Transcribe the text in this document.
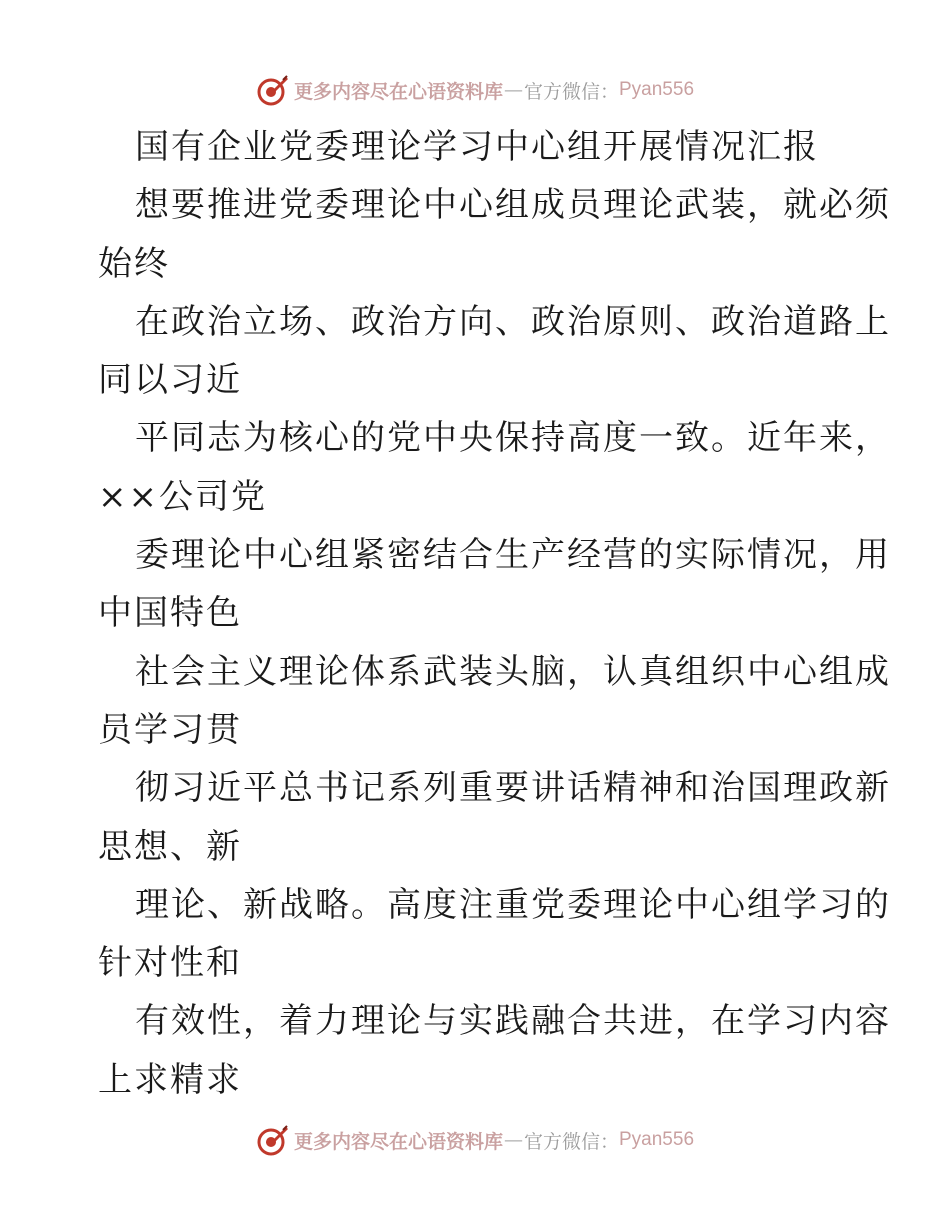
更多内容尽在心语资料库 — 官方微信： Pyan556
国有企业党委理论学习中心组开展情况汇报
想要推进党委理论中心组成员理论武装，就必须
始终
在政治立场、政治方向、政治原则、政治道路上
同以习近
平同志为核心的党中央保持高度一致。近年来，
××公司党
委理论中心组紧密结合生产经营的实际情况，用
中国特色
社会主义理论体系武装头脑，认真组织中心组成
员学习贯
彻习近平总书记系列重要讲话精神和治国理政新
思想、新
理论、新战略。高度注重党委理论中心组学习的
针对性和
有效性，着力理论与实践融合共进，在学习内容
上求精求
更多内容尽在心语资料库 — 官方微信： Pyan556
